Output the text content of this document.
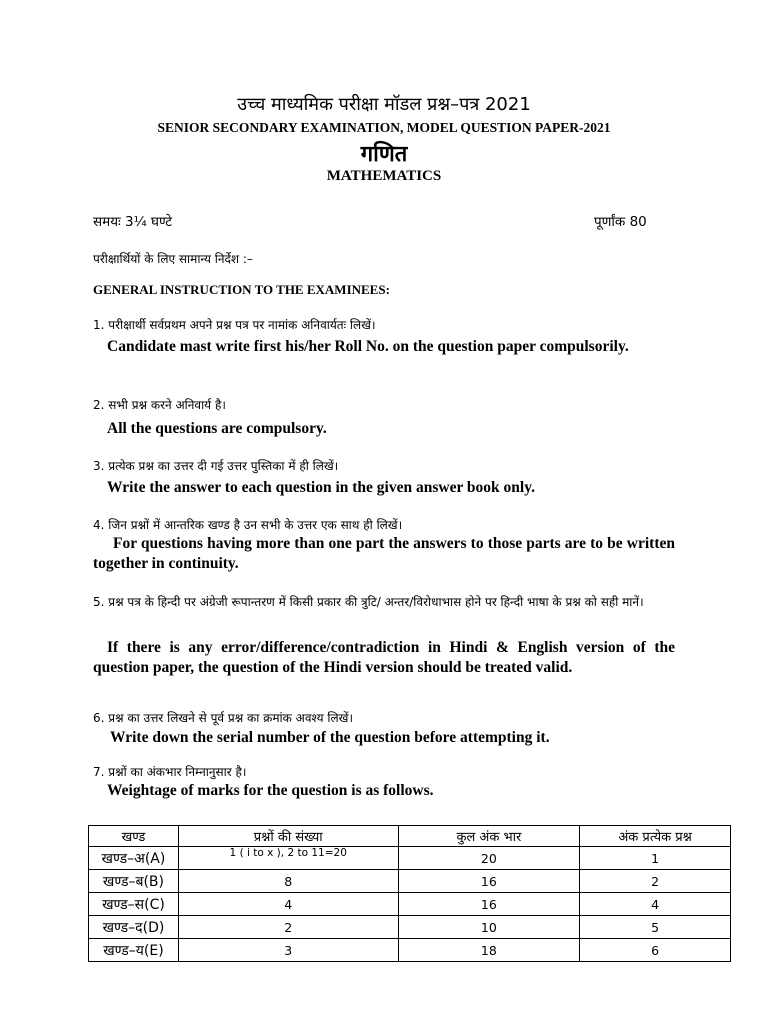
उच्च माध्यमिक परीक्षा मॉडल प्रश्न–पत्र 2021
SENIOR SECONDARY EXAMINATION, MODEL QUESTION PAPER-2021
गणित
MATHEMATICS
समयः 3¼ घण्टे	पूर्णांक 80
परीक्षार्थियों के लिए सामान्य निर्देश :–
GENERAL INSTRUCTION TO THE EXAMINEES:
1. परीक्षार्थी सर्वप्रथम अपने प्रश्न पत्र पर नामांक अनिवार्यतः लिखें।
Candidate mast write first his/her Roll No. on the question paper compulsorily.
2. सभी प्रश्न करने अनिवार्य है।
All the questions are compulsory.
3. प्रत्येक प्रश्न का उत्तर दी गई उत्तर पुस्तिका में ही लिखें।
Write the answer to each question in the given answer book only.
4. जिन प्रश्नों में आन्तरिक खण्ड है उन सभी के उत्तर एक साथ ही लिखें।
For questions having more than one part the answers to those parts are to be written together in continuity.
5. प्रश्न पत्र के हिन्दी पर अंग्रेजी रूपान्तरण में किसी प्रकार की त्रुटि/ अन्तर/विरोधाभास होने पर हिन्दी भाषा के प्रश्न को सही मानें।
If there is any error/difference/contradiction in Hindi & English version of the question paper, the question of the Hindi version should be treated valid.
6. प्रश्न का उत्तर लिखने से पूर्व प्रश्न का क्रमांक अवश्य लिखें।
Write down the serial number of the question before attempting it.
7. प्रश्नों का अंकभार निम्नानुसार है।
Weightage of marks for the question is as follows.
खण्ड	प्रश्नों की संख्या	कुल अंक भार	अंक प्रत्येक प्रश्न
खण्ड–अ(A)	1 ( i to x ), 2 to 11=20	20	1
खण्ड–ब(B)	8	16	2
खण्ड–स(C)	4	16	4
खण्ड–द(D)	2	10	5
खण्ड–य(E)	3	18	6
